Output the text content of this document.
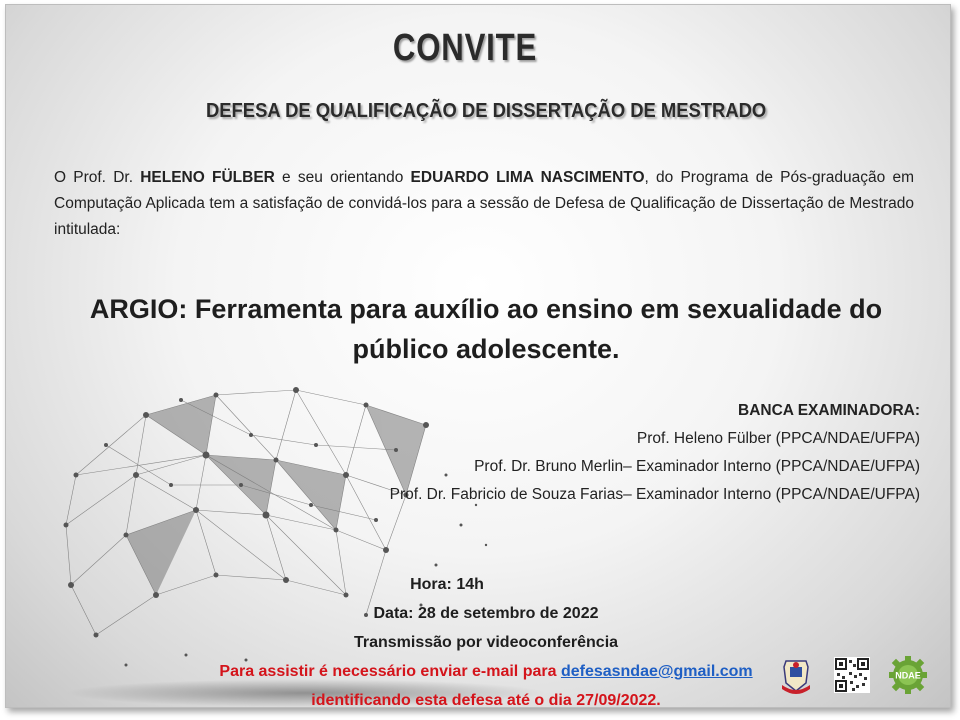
CONVITE
DEFESA DE QUALIFICAÇÃO DE DISSERTAÇÃO DE MESTRADO
O Prof. Dr. HELENO FÜLBER e seu orientando EDUARDO LIMA NASCIMENTO, do Programa de Pós-graduação em Computação Aplicada tem a satisfação de convidá-los para a sessão de Defesa de Qualificação de Dissertação de Mestrado intitulada:
ARGIO: Ferramenta para auxílio ao ensino em sexualidade do público adolescente.
BANCA EXAMINADORA:
Prof. Heleno Fülber (PPCA/NDAE/UFPA)
Prof. Dr. Bruno Merlin– Examinador Interno (PPCA/NDAE/UFPA)
Prof. Dr. Fabricio de Souza Farias– Examinador Interno (PPCA/NDAE/UFPA)
Hora: 14h
Data: 28 de setembro de 2022
Transmissão por videoconferência
Para assistir é necessário enviar e-mail para defesasndae@gmail.com
identificando esta defesa até o dia 27/09/2022.
NDAE
